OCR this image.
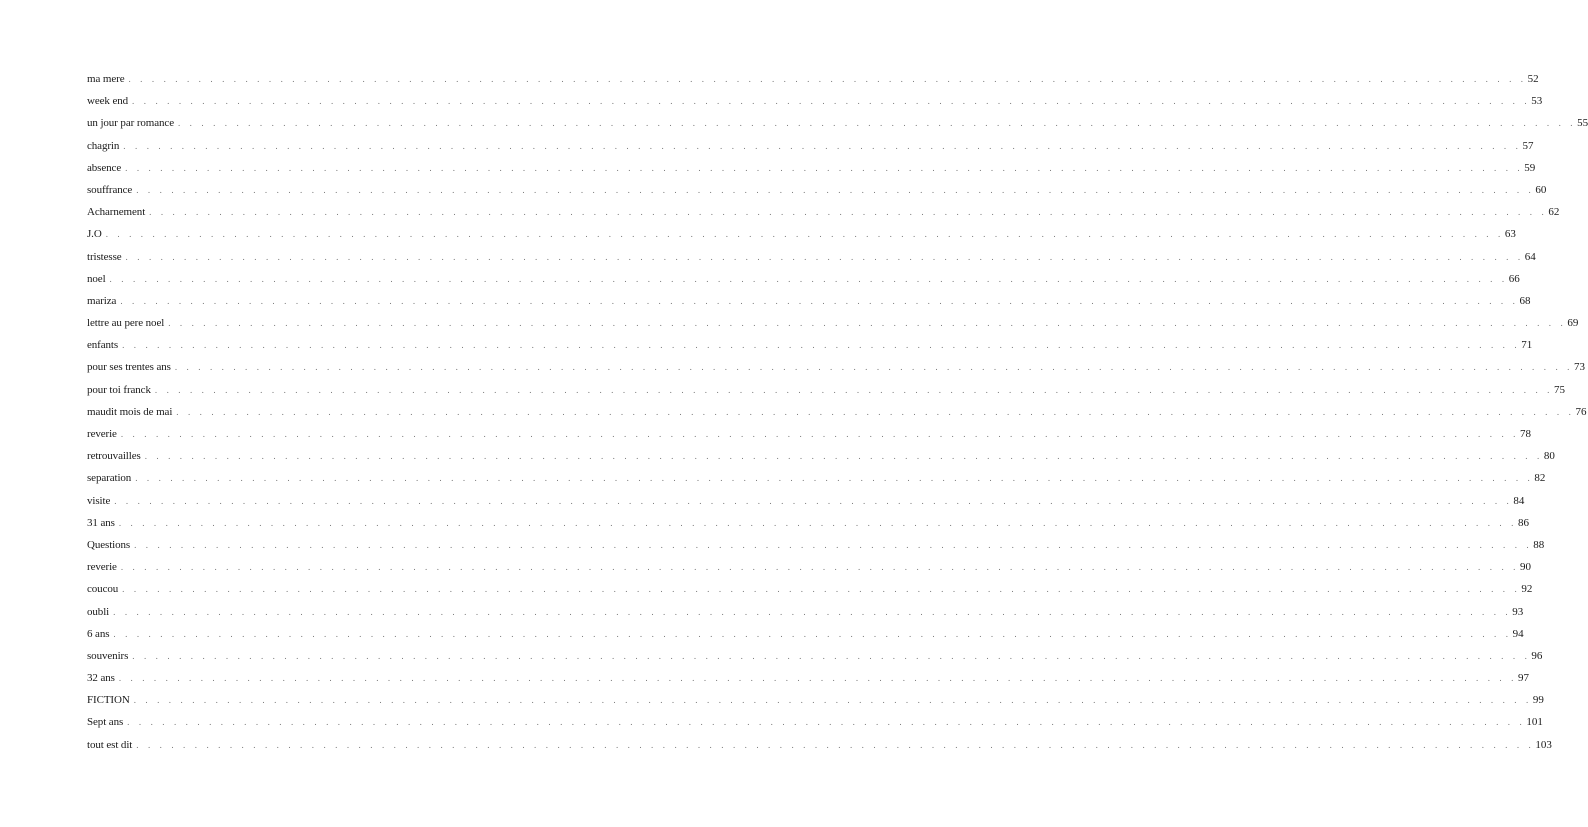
ma mere . . . . . . . . . . . . . . . . . . . . . . . . . . . . . . . . . . . . . . . . . . . . . . . . . . . . . . . . . . . . . . . . . . . . . . . . . . . . . . . . . . . . . . . . . . . . . . . . . . . . . . . . . . . . . . . . . . . . . . . . 52
week end . . . . . . . . . . . . . . . . . . . . . . . . . . . . . . . . . . . . . . . . . . . . . . . . . . . . . . . . . . . . . . . . . . . . . . . . . . . . . . . . . . . . . . . . . . . . . . . . . . . . . . . . . . . . . . . . . . . . . . . . 53
un jour par romance . . . . . . . . . . . . . . . . . . . . . . . . . . . . . . . . . . . . . . . . . . . . . . . . . . . . . . . . . . . . . . . . . . . . . . . . . . . . . . . . . . . . . . . . . . . . . . . . . . . . . . . . . . . . . . . . . . . . . . . . 55
chagrin . . . . . . . . . . . . . . . . . . . . . . . . . . . . . . . . . . . . . . . . . . . . . . . . . . . . . . . . . . . . . . . . . . . . . . . . . . . . . . . . . . . . . . . . . . . . . . . . . . . . . . . . . . . . . . . . . . . . . . . . 57
absence . . . . . . . . . . . . . . . . . . . . . . . . . . . . . . . . . . . . . . . . . . . . . . . . . . . . . . . . . . . . . . . . . . . . . . . . . . . . . . . . . . . . . . . . . . . . . . . . . . . . . . . . . . . . . . . . . . . . . . . . 59
souffrance . . . . . . . . . . . . . . . . . . . . . . . . . . . . . . . . . . . . . . . . . . . . . . . . . . . . . . . . . . . . . . . . . . . . . . . . . . . . . . . . . . . . . . . . . . . . . . . . . . . . . . . . . . . . . . . . . . . . . . . . 60
Acharnement . . . . . . . . . . . . . . . . . . . . . . . . . . . . . . . . . . . . . . . . . . . . . . . . . . . . . . . . . . . . . . . . . . . . . . . . . . . . . . . . . . . . . . . . . . . . . . . . . . . . . . . . . . . . . . . . . . . . . . . . 62
J.O . . . . . . . . . . . . . . . . . . . . . . . . . . . . . . . . . . . . . . . . . . . . . . . . . . . . . . . . . . . . . . . . . . . . . . . . . . . . . . . . . . . . . . . . . . . . . . . . . . . . . . . . . . . . . . . . . . . . . . . . 63
tristesse . . . . . . . . . . . . . . . . . . . . . . . . . . . . . . . . . . . . . . . . . . . . . . . . . . . . . . . . . . . . . . . . . . . . . . . . . . . . . . . . . . . . . . . . . . . . . . . . . . . . . . . . . . . . . . . . . . . . . . . . 64
noel . . . . . . . . . . . . . . . . . . . . . . . . . . . . . . . . . . . . . . . . . . . . . . . . . . . . . . . . . . . . . . . . . . . . . . . . . . . . . . . . . . . . . . . . . . . . . . . . . . . . . . . . . . . . . . . . . . . . . . . . 66
mariza . . . . . . . . . . . . . . . . . . . . . . . . . . . . . . . . . . . . . . . . . . . . . . . . . . . . . . . . . . . . . . . . . . . . . . . . . . . . . . . . . . . . . . . . . . . . . . . . . . . . . . . . . . . . . . . . . . . . . . . . 68
lettre au pere noel . . . . . . . . . . . . . . . . . . . . . . . . . . . . . . . . . . . . . . . . . . . . . . . . . . . . . . . . . . . . . . . . . . . . . . . . . . . . . . . . . . . . . . . . . . . . . . . . . . . . . . . . . . . . . . . . . . . . . . . . 69
enfants . . . . . . . . . . . . . . . . . . . . . . . . . . . . . . . . . . . . . . . . . . . . . . . . . . . . . . . . . . . . . . . . . . . . . . . . . . . . . . . . . . . . . . . . . . . . . . . . . . . . . . . . . . . . . . . . . . . . . . . . 71
pour ses trentes ans . . . . . . . . . . . . . . . . . . . . . . . . . . . . . . . . . . . . . . . . . . . . . . . . . . . . . . . . . . . . . . . . . . . . . . . . . . . . . . . . . . . . . . . . . . . . . . . . . . . . . . . . . . . . . . . . . . . . . . . . 73
pour toi franck . . . . . . . . . . . . . . . . . . . . . . . . . . . . . . . . . . . . . . . . . . . . . . . . . . . . . . . . . . . . . . . . . . . . . . . . . . . . . . . . . . . . . . . . . . . . . . . . . . . . . . . . . . . . . . . . . . . . . . . . 75
maudit mois de mai . . . . . . . . . . . . . . . . . . . . . . . . . . . . . . . . . . . . . . . . . . . . . . . . . . . . . . . . . . . . . . . . . . . . . . . . . . . . . . . . . . . . . . . . . . . . . . . . . . . . . . . . . . . . . . . . . . . . . . . . 76
reverie . . . . . . . . . . . . . . . . . . . . . . . . . . . . . . . . . . . . . . . . . . . . . . . . . . . . . . . . . . . . . . . . . . . . . . . . . . . . . . . . . . . . . . . . . . . . . . . . . . . . . . . . . . . . . . . . . . . . . . . . 78
retrouvailles . . . . . . . . . . . . . . . . . . . . . . . . . . . . . . . . . . . . . . . . . . . . . . . . . . . . . . . . . . . . . . . . . . . . . . . . . . . . . . . . . . . . . . . . . . . . . . . . . . . . . . . . . . . . . . . . . . . . . . . . 80
separation . . . . . . . . . . . . . . . . . . . . . . . . . . . . . . . . . . . . . . . . . . . . . . . . . . . . . . . . . . . . . . . . . . . . . . . . . . . . . . . . . . . . . . . . . . . . . . . . . . . . . . . . . . . . . . . . . . . . . . . . 82
visite . . . . . . . . . . . . . . . . . . . . . . . . . . . . . . . . . . . . . . . . . . . . . . . . . . . . . . . . . . . . . . . . . . . . . . . . . . . . . . . . . . . . . . . . . . . . . . . . . . . . . . . . . . . . . . . . . . . . . . . . 84
31 ans . . . . . . . . . . . . . . . . . . . . . . . . . . . . . . . . . . . . . . . . . . . . . . . . . . . . . . . . . . . . . . . . . . . . . . . . . . . . . . . . . . . . . . . . . . . . . . . . . . . . . . . . . . . . . . . . . . . . . . . . 86
Questions . . . . . . . . . . . . . . . . . . . . . . . . . . . . . . . . . . . . . . . . . . . . . . . . . . . . . . . . . . . . . . . . . . . . . . . . . . . . . . . . . . . . . . . . . . . . . . . . . . . . . . . . . . . . . . . . . . . . . . . . 88
reverie . . . . . . . . . . . . . . . . . . . . . . . . . . . . . . . . . . . . . . . . . . . . . . . . . . . . . . . . . . . . . . . . . . . . . . . . . . . . . . . . . . . . . . . . . . . . . . . . . . . . . . . . . . . . . . . . . . . . . . . . 90
coucou . . . . . . . . . . . . . . . . . . . . . . . . . . . . . . . . . . . . . . . . . . . . . . . . . . . . . . . . . . . . . . . . . . . . . . . . . . . . . . . . . . . . . . . . . . . . . . . . . . . . . . . . . . . . . . . . . . . . . . . . 92
oubli . . . . . . . . . . . . . . . . . . . . . . . . . . . . . . . . . . . . . . . . . . . . . . . . . . . . . . . . . . . . . . . . . . . . . . . . . . . . . . . . . . . . . . . . . . . . . . . . . . . . . . . . . . . . . . . . . . . . . . . . 93
6 ans . . . . . . . . . . . . . . . . . . . . . . . . . . . . . . . . . . . . . . . . . . . . . . . . . . . . . . . . . . . . . . . . . . . . . . . . . . . . . . . . . . . . . . . . . . . . . . . . . . . . . . . . . . . . . . . . . . . . . . . . 94
souvenirs . . . . . . . . . . . . . . . . . . . . . . . . . . . . . . . . . . . . . . . . . . . . . . . . . . . . . . . . . . . . . . . . . . . . . . . . . . . . . . . . . . . . . . . . . . . . . . . . . . . . . . . . . . . . . . . . . . . . . . . . 96
32 ans . . . . . . . . . . . . . . . . . . . . . . . . . . . . . . . . . . . . . . . . . . . . . . . . . . . . . . . . . . . . . . . . . . . . . . . . . . . . . . . . . . . . . . . . . . . . . . . . . . . . . . . . . . . . . . . . . . . . . . . . 97
FICTION . . . . . . . . . . . . . . . . . . . . . . . . . . . . . . . . . . . . . . . . . . . . . . . . . . . . . . . . . . . . . . . . . . . . . . . . . . . . . . . . . . . . . . . . . . . . . . . . . . . . . . . . . . . . . . . . . . . . . . . . 99
Sept ans . . . . . . . . . . . . . . . . . . . . . . . . . . . . . . . . . . . . . . . . . . . . . . . . . . . . . . . . . . . . . . . . . . . . . . . . . . . . . . . . . . . . . . . . . . . . . . . . . . . . . . . . . . . . . . . . . . . . . . . . 101
tout est dit . . . . . . . . . . . . . . . . . . . . . . . . . . . . . . . . . . . . . . . . . . . . . . . . . . . . . . . . . . . . . . . . . . . . . . . . . . . . . . . . . . . . . . . . . . . . . . . . . . . . . . . . . . . . . . . . . . . . . . . . 103
